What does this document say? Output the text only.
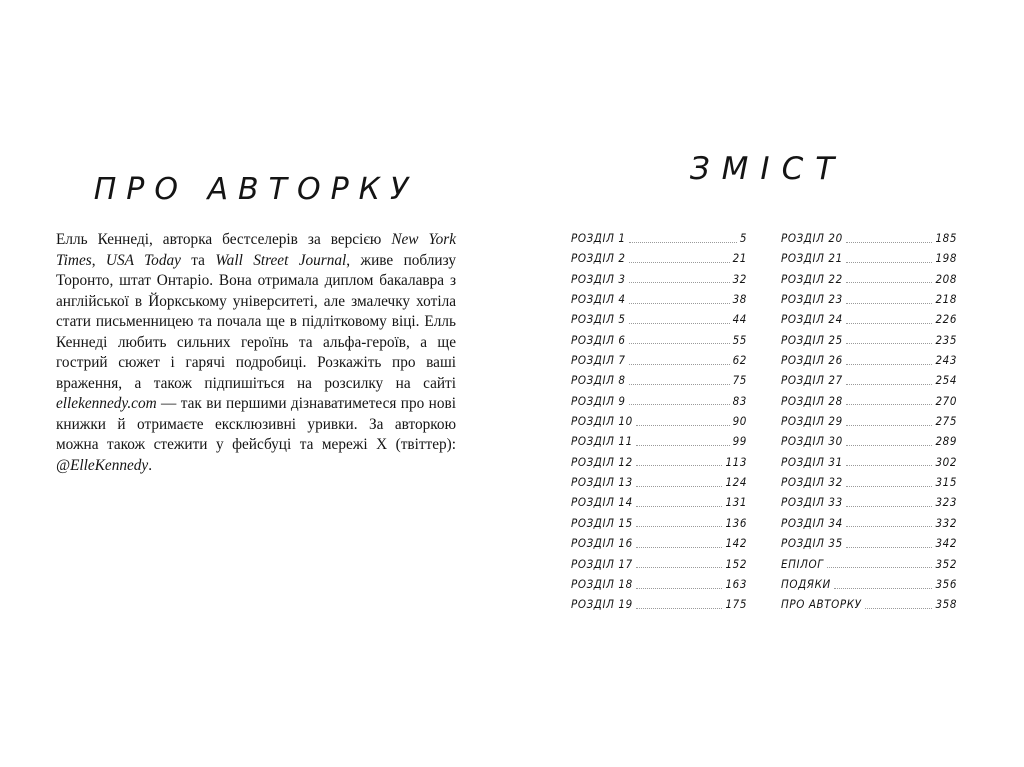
ПРО АВТОРКУ

Елль Кеннеді, авторка бестселерів за версією New York Times, USA Today та Wall Street Journal, живе поблизу Торонто, штат Онтаріо. Вона отримала диплом бакалавра з англійської в Йоркському університеті, але змалечку хотіла стати письменницею та почала ще в підлітковому віці. Елль Кеннеді любить сильних героїнь та альфа-героїв, а ще гострий сюжет і гарячі подробиці. Розкажіть про ваші враження, а також підпишіться на розсилку на сайті ellekennedy.com — так ви першими дізнаватиметеся про нові книжки й отримаєте ексклюзивні уривки. За авторкою можна також стежити у фейсбуці та мережі X (твіттер): @ElleKennedy.

ЗМІСТ
РОЗДІЛ 1	5
РОЗДІЛ 2	21
РОЗДІЛ 3	32
РОЗДІЛ 4	38
РОЗДІЛ 5	44
РОЗДІЛ 6	55
РОЗДІЛ 7	62
РОЗДІЛ 8	75
РОЗДІЛ 9	83
РОЗДІЛ 10	90
РОЗДІЛ 11	99
РОЗДІЛ 12	113
РОЗДІЛ 13	124
РОЗДІЛ 14	131
РОЗДІЛ 15	136
РОЗДІЛ 16	142
РОЗДІЛ 17	152
РОЗДІЛ 18	163
РОЗДІЛ 19	175
РОЗДІЛ 20	185
РОЗДІЛ 21	198
РОЗДІЛ 22	208
РОЗДІЛ 23	218
РОЗДІЛ 24	226
РОЗДІЛ 25	235
РОЗДІЛ 26	243
РОЗДІЛ 27	254
РОЗДІЛ 28	270
РОЗДІЛ 29	275
РОЗДІЛ 30	289
РОЗДІЛ 31	302
РОЗДІЛ 32	315
РОЗДІЛ 33	323
РОЗДІЛ 34	332
РОЗДІЛ 35	342
ЕПІЛОГ	352
ПОДЯКИ	356
ПРО АВТОРКУ	358
